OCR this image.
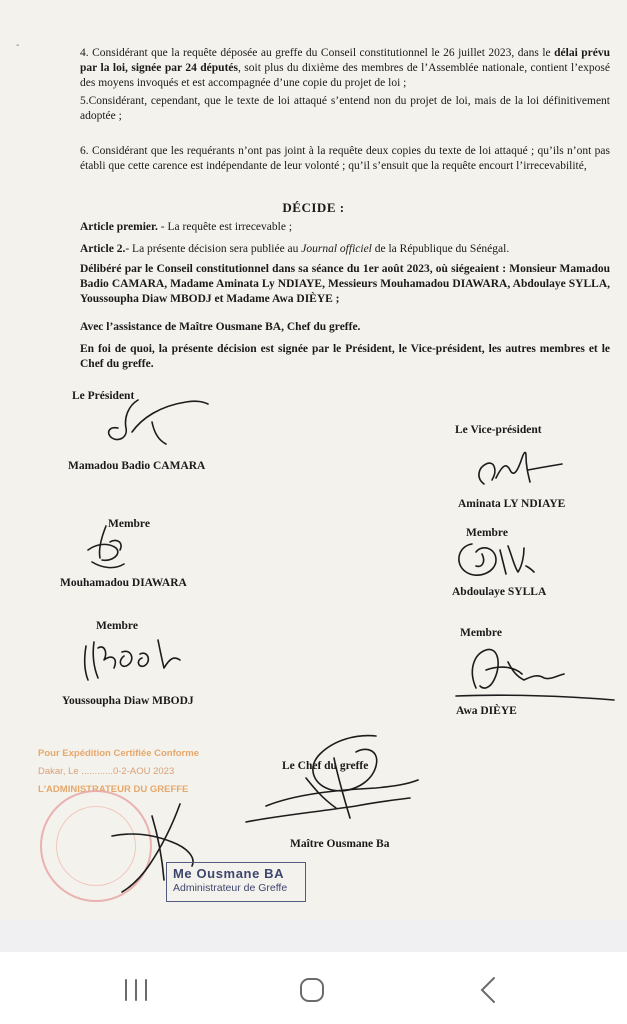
-

4. Considérant que la requête déposée au greffe du Conseil constitutionnel le 26 juillet 2023, dans le délai prévu par la loi, signée par 24 députés, soit plus du dixième des membres de l’Assemblée nationale, contient l’exposé des moyens invoqués et est accompagnée d’une copie du projet de loi ;

5.Considérant, cependant, que le texte de loi attaqué s’entend non du projet de loi, mais de la loi définitivement adoptée ;

6. Considérant que les requérants n’ont pas joint à la requête deux copies du texte de loi attaqué ; qu’ils n’ont pas établi que cette carence est indépendante de leur volonté ; qu’il s’ensuit que la requête encourt l’irrecevabilité,

DÉCIDE :

Article premier. - La requête est irrecevable ;

Article 2.- La présente décision sera publiée au Journal officiel de la République du Sénégal.

Délibéré par le Conseil constitutionnel dans sa séance du 1er août 2023, où siégeaient : Monsieur Mamadou Badio CAMARA, Madame Aminata Ly NDIAYE, Messieurs Mouhamadou DIAWARA, Abdoulaye SYLLA, Youssoupha Diaw MBODJ et Madame Awa DIÈYE ;

Avec l’assistance de Maître Ousmane BA, Chef du greffe.

En foi de quoi, la présente décision est signée par le Président, le Vice-président, les autres membres et le Chef du greffe.

Le Président
Mamadou Badio CAMARA
Le Vice-président
Aminata LY NDIAYE
Membre
Mouhamadou DIAWARA
Membre
Abdoulaye SYLLA
Membre
Youssoupha Diaw MBODJ
Membre
Awa DIÈYE
Le Chef du greffe
Maître Ousmane Ba
Pour Expédition Certifiée Conforme
Dakar, Le ............0-2-AOU 2023
L'ADMINISTRATEUR DU GREFFE
Me Ousmane BA
Administrateur de Greffe
